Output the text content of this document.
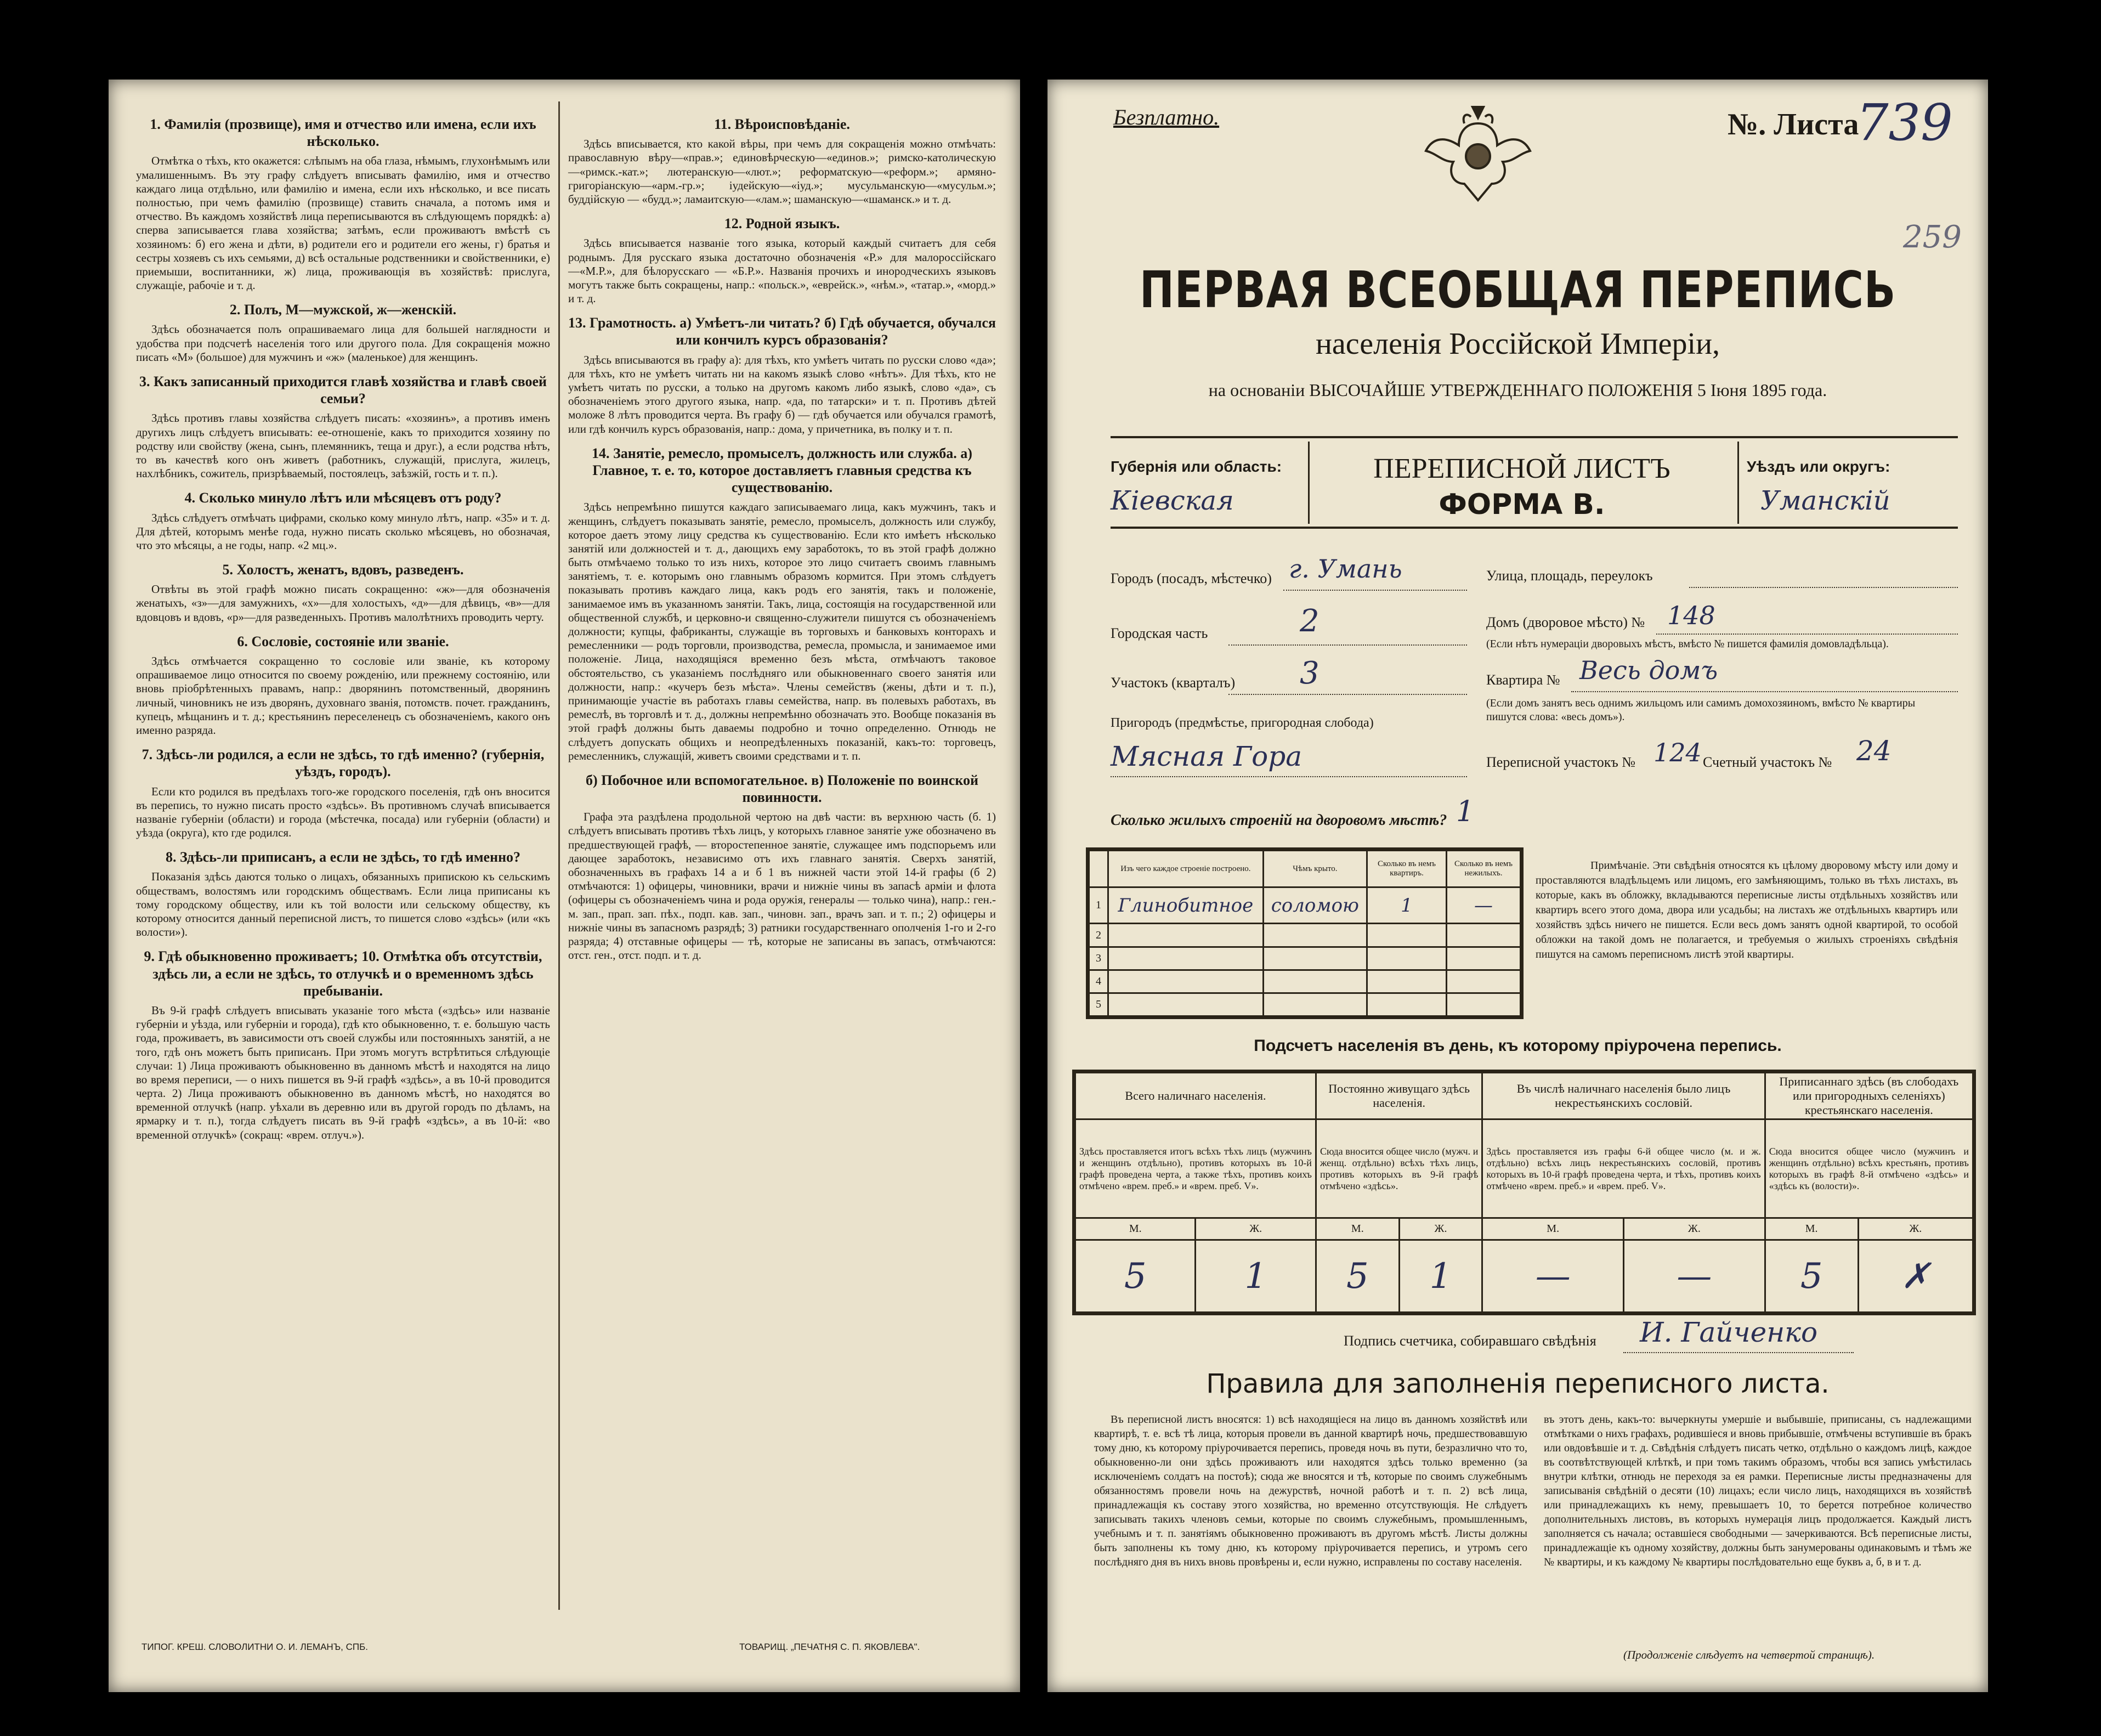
1. Фамилія (прозвище), имя и отчество или имена, если ихъ нѣсколько.

Отмѣтка о тѣхъ, кто окажется: слѣпымъ на оба глаза, нѣмымъ, глухонѣмымъ или умалишеннымъ. Въ эту графу слѣдуетъ вписывать фамилію, имя и отчество каждаго лица отдѣльно, или фамилію и имена, если ихъ нѣсколько, и все писать полностью, при чемъ фамилію (прозвище) ставить сначала, а потомъ имя и отчество. Въ каждомъ хозяйствѣ лица переписываются въ слѣдующемъ порядкѣ: а) сперва записывается глава хозяйства; затѣмъ, если проживаютъ вмѣстѣ съ хозяиномъ: б) его жена и дѣти, в) родители его и родители его жены, г) братья и сестры хозяевъ съ ихъ семьями, д) всѣ остальные родственники и свойственники, е) приемыши, воспитанники, ж) лица, проживающія въ хозяйствѣ: прислуга, служащіе, рабочіе и т. д.

2. Полъ, М—мужской, ж—женскій.

Здѣсь обозначается полъ опрашиваемаго лица для большей наглядности и удобства при подсчетѣ населенія того или другого пола. Для сокращенія можно писать «М» (большое) для мужчинъ и «ж» (маленькое) для женщинъ.

3. Какъ записанный приходится главѣ хозяйства и главѣ своей семьи?

Здѣсь противъ главы хозяйства слѣдуетъ писать: «хозяинъ», а противъ именъ другихъ лицъ слѣдуетъ вписывать: ее-отношеніе, какъ то приходится хозяину по родству или свойству (жена, сынъ, племянникъ, теща и друг.), а если родства нѣтъ, то въ качествѣ кого онъ живетъ (работникъ, служащій, прислуга, жилецъ, нахлѣбникъ, сожитель, призрѣваемый, постоялецъ, заѣзжій, гость и т. п.).

4. Сколько минуло лѣтъ или мѣсяцевъ отъ роду?

Здѣсь слѣдуетъ отмѣчать цифрами, сколько кому минуло лѣтъ, напр. «35» и т. д. Для дѣтей, которымъ менѣе года, нужно писать сколько мѣсяцевъ, но обозначая, что это мѣсяцы, а не годы, напр. «2 мц.».

5. Холостъ, женатъ, вдовъ, разведенъ.

Отвѣты въ этой графѣ можно писать сокращенно: «ж»—для обозначенія женатыхъ, «з»—для замужнихъ, «х»—для холостыхъ, «д»—для дѣвицъ, «в»—для вдовцовъ и вдовъ, «р»—для разведенныхъ. Противъ малолѣтнихъ проводить черту.

6. Сословіе, состояніе или званіе.

Здѣсь отмѣчается сокращенно то сословіе или званіе, къ которому опрашиваемое лицо относится по своему рожденію, или прежнему состоянію, или вновь пріобрѣтенныхъ правамъ, напр.: дворянинъ потомственный, дворянинъ личный, чиновникъ не изъ дворянъ, духовнаго званія, потомств. почет. гражданинъ, купецъ, мѣщанинъ и т. д.; крестьянинъ переселенецъ съ обозначеніемъ, какого онъ именно разряда.

7. Здѣсь-ли родился, а если не здѣсь, то гдѣ именно? (губернія, уѣздъ, городъ).

Если кто родился въ предѣлахъ того-же городского поселенія, гдѣ онъ вносится въ перепись, то нужно писать просто «здѣсь». Въ противномъ случаѣ вписывается названіе губерніи (области) и города (мѣстечка, посада) или губерніи (области) и уѣзда (округа), кто где родился.

8. Здѣсь-ли приписанъ, а если не здѣсь, то гдѣ именно?

Показанія здѣсь даются только о лицахъ, обязанныхъ припискою къ сельскимъ обществамъ, волостямъ или городскимъ обществамъ. Если лица приписаны къ тому городскому обществу, или къ той волости или сельскому обществу, къ которому относится данный переписной листъ, то пишется слово «здѣсь» (или «къ волости»).

9. Гдѣ обыкновенно проживаетъ; 10. Отмѣтка объ отсутствіи, здѣсь ли, а если не здѣсь, то отлучкѣ и о временномъ здѣсь пребываніи.

Въ 9-й графѣ слѣдуетъ вписывать указаніе того мѣста («здѣсь» или названіе губерніи и уѣзда, или губерніи и города), гдѣ кто обыкновенно, т. е. большую часть года, проживаетъ, въ зависимости отъ своей службы или постоянныхъ занятій, а не того, гдѣ онъ можетъ быть приписанъ. При этомъ могутъ встрѣтиться слѣдующіе случаи: 1) Лица проживаютъ обыкновенно въ данномъ мѣстѣ и находятся на лицо во время переписи, — о нихъ пишется въ 9-й графѣ «здѣсь», а въ 10-й проводится черта. 2) Лица проживаютъ обыкновенно въ данномъ мѣстѣ, но находятся во временной отлучкѣ (напр. уѣхали въ деревню или въ другой городъ по дѣламъ, на ярмарку и т. п.), тогда слѣдуетъ писать въ 9-й графѣ «здѣсь», а въ 10-й: «во временной отлучкѣ» (сокращ: «врем. отлуч.»).

11. Вѣроисповѣданіе.

Здѣсь вписывается, кто какой вѣры, при чемъ для сокращенія можно отмѣчать: православную вѣру—«прав.»; единовѣрческую—«единов.»; римско-католическую—«римск.-кат.»; лютеранскую—«лют.»; реформатскую—«реформ.»; армяно-григоріанскую—«арм.-гр.»; іудейскую—«іуд.»; мусульманскую—«мусульм.»; буддійскую — «будд.»; ламаитскую—«лам.»; шаманскую—«шаманск.» и т. д.

12. Родной языкъ.

Здѣсь вписывается названіе того языка, который каждый считаетъ для себя роднымъ. Для русскаго языка достаточно обозначенія «Р.» для малороссійскаго—«М.Р.», для бѣлорусскаго — «Б.Р.». Названія прочихъ и инородческихъ языковъ могутъ также быть сокращены, напр.: «польск.», «еврейск.», «нѣм.», «татар.», «морд.» и т. д.

13. Грамотность. а) Умѣетъ-ли читать? б) Гдѣ обучается, обучался или кончилъ курсъ образованія?

Здѣсь вписываются въ графу а): для тѣхъ, кто умѣетъ читать по русски слово «да»; для тѣхъ, кто не умѣетъ читать ни на какомъ языкѣ слово «нѣтъ». Для тѣхъ, кто не умѣетъ читать по русски, а только на другомъ какомъ либо языкѣ, слово «да», съ обозначеніемъ этого другого языка, напр. «да, по татарски» и т. п. Противъ дѣтей моложе 8 лѣтъ проводится черта. Въ графу б) — гдѣ обучается или обучался грамотѣ, или гдѣ кончилъ курсъ образованія, напр.: дома, у причетника, въ полку и т. п.

14. Занятіе, ремесло, промыселъ, должность или служба. а) Главное, т. е. то, которое доставляетъ главныя средства къ существованію.

Здѣсь непремѣнно пишутся каждаго записываемаго лица, какъ мужчинъ, такъ и женщинъ, слѣдуетъ показывать занятіе, ремесло, промыселъ, должность или службу, которое даетъ этому лицу средства къ существованію. Если кто имѣетъ нѣсколько занятій или должностей и т. д., дающихъ ему заработокъ, то въ этой графѣ должно быть отмѣчаемо только то изъ нихъ, которое это лицо считаетъ своимъ главнымъ занятіемъ, т. е. которымъ оно главнымъ образомъ кормится. При этомъ слѣдуетъ показывать противъ каждаго лица, какъ родъ его занятія, такъ и положеніе, занимаемое имъ въ указанномъ занятіи. Такъ, лица, состоящія на государственной или общественной службѣ, и церковно-и священно-служители пишутся съ обозначеніемъ должности; купцы, фабриканты, служащіе въ торговыхъ и банковыхъ конторахъ и ремесленники — родъ торговли, производства, ремесла, промысла, и занимаемое ими положеніе. Лица, находящіяся временно безъ мѣста, отмѣчаютъ таковое обстоятельство, съ указаніемъ послѣдняго или обыкновеннаго своего занятія или должности, напр.: «кучеръ безъ мѣста». Члены семействъ (жены, дѣти и т. п.), принимающіе участіе въ работахъ главы семейства, напр. въ полевыхъ работахъ, въ ремеслѣ, въ торговлѣ и т. д., должны непремѣнно обозначать это. Вообще показанія въ этой графѣ должны быть даваемы подробно и точно определенно. Отнюдь не слѣдуетъ допускать общихъ и неопредѣленныхъ показаній, какъ-то: торговецъ, ремесленникъ, служащій, живетъ своими средствами и т. п.

б) Побочное или вспомогательное. в) Положеніе по воинской повинности.

Графа эта раздѣлена продольной чертою на двѣ части: въ верхнюю часть (б. 1) слѣдуетъ вписывать противъ тѣхъ лицъ, у которыхъ главное занятіе уже обозначено въ предшествующей графѣ, — второстепенное занятіе, служащее имъ подспорьемъ или дающее заработокъ, независимо отъ ихъ главнаго занятія. Сверхъ занятій, обозначенныхъ въ графахъ 14 а и б 1 въ нижней части этой 14-й графы (б 2) отмѣчаются: 1) офицеры, чиновники, врачи и нижніе чины въ запасѣ арміи и флота (офицеры съ обозначеніемъ чина и рода оружія, генералы — только чина), напр.: ген.-м. зап., прап. зап. пѣх., подп. кав. зап., чиновн. зап., врачъ зап. и т. п.; 2) офицеры и нижніе чины въ запасномъ разрядѣ; 3) ратники государственнаго ополченія 1-го и 2-го разряда; 4) отставные офицеры — тѣ, которые не записаны въ запасъ, отмѣчаются: отст. ген., отст. подп. и т. д.

ТИПОГ. КРЕШ. СЛОВОЛИТНИ О. И. ЛЕМАНЪ, СПБ.	ТОВАРИЩ. „ПЕЧАТНЯ С. П. ЯКОВЛЕВА".
Безплатно.	№. Листа
739
259
ПЕРВАЯ ВСЕОБЩАЯ ПЕРЕПИСЬ
населенія Россійской Имперіи,
на основаніи ВЫСОЧАЙШЕ УТВЕРЖДЕННАГО ПОЛОЖЕНІЯ 5 Іюня 1895 года.
Губернія или область:
Кіевская
ПЕРЕПИСНОЙ ЛИСТЪ
ФОРМА В.
Уѣздъ или округъ:
Уманскій
Городъ (посадъ, мѣстечко) г. Умань	Улица, площадь, переулокъ
Городская часть	2	Домъ (дворовое мѣсто) № 148
(Если нѣтъ нумераціи дворовыхъ мѣстъ, вмѣсто № пишется фамилія домовладѣльца).
Участокъ (кварталъ) 3	Квартира № Весь домъ
(Если домъ занятъ весь однимъ жильцомъ или самимъ домохозяиномъ, вмѣсто № квартиры пишутся слова: «весь домъ»).
Пригородъ (предмѣстье, пригородная слобода)
Мясная Гора	Переписной участокъ № 124 Счетный участокъ № 24
Сколько жилыхъ строеній на дворовомъ мѣстѣ? 1
	Изъ чего каждое строеніе построено.	Чѣмъ крыто.	Сколько въ немъ квартиръ.	Сколько въ немъ нежилыхъ.
1	Глинобитное	соломою	1	—
2				
3				
4				
5				
Примѣчаніе. Эти свѣдѣнія относятся къ цѣлому дворовому мѣсту или дому и проставляются владѣльцемъ или лицомъ, его замѣняющимъ, только въ тѣхъ листахъ, въ которые, какъ въ обложку, вкладываются переписные листы отдѣльныхъ хозяйствъ или квартиръ всего этого дома, двора или усадьбы; на листахъ же отдѣльныхъ квартиръ или хозяйствъ здѣсь ничего не пишется. Если весь домъ занятъ одной квартирой, то особой обложки на такой домъ не полагается, и требуемыя о жилыхъ строеніяхъ свѣдѣнія пишутся на самомъ переписномъ листѣ этой квартиры.
Подсчетъ населенія въ день, къ которому пріурочена перепись.
Всего наличнаго населенія.		Постоянно живущаго здѣсь населенія.		Въ числѣ наличнаго населенія было лицъ некрестьянскихъ сословій.		Приписаннаго здѣсь (въ слободахъ или пригородныхъ селеніяхъ) крестьянскаго населенія.	
Здѣсь проставляется итогъ всѣхъ тѣхъ лицъ (мужчинъ и женщинъ отдѣльно), противъ которыхъ въ 10-й графѣ проведена черта, а также тѣхъ, противъ коихъ отмѣчено «врем. преб.» и «врем. преб. V».		Сюда вносится общее число (мужч. и женщ. отдѣльно) всѣхъ тѣхъ лицъ, противъ которыхъ въ 9-й графѣ отмѣчено «здѣсь».		Здѣсь проставляется изъ графы 6-й общее число (м. и ж. отдѣльно) всѣхъ лицъ некрестьянскихъ сословій, противъ которыхъ въ 10-й графѣ проведена черта, и тѣхъ, противъ коихъ отмѣчено «врем. преб.» и «врем. преб. V».		Сюда вносится общее число (мужчинъ и женщинъ отдѣльно) всѣхъ крестьянъ, противъ которыхъ въ графѣ 8-й отмѣчено «здѣсь» и «здѣсь къ (волости)».	
М.	Ж.	М.	Ж.	М.	Ж.	М.	Ж.
5	1	5	1	—	—	5	✗
Подпись счетчика, собиравшаго свѣдѣнія И. Гайченко
Правила для заполненія переписного листа.
Въ переписной листъ вносятся: 1) всѣ находящіеся на лицо въ данномъ хозяйствѣ или квартирѣ, т. е. всѣ тѣ лица, которыя провели въ данной квартирѣ ночь, предшествовавшую тому дню, къ которому пріурочивается перепись, проведя ночь въ пути, безразлично что то, обыкновенно-ли они здѣсь проживаютъ или находятся здѣсь только временно (за исключеніемъ солдатъ на постоѣ); сюда же вносятся и тѣ, которые по своимъ служебнымъ обязанностямъ провели ночь на дежурствѣ, ночной работѣ и т. п. 2) всѣ лица, принадлежащія къ составу этого хозяйства, но временно отсутствующія. Не слѣдуетъ записывать такихъ членовъ семьи, которые по своимъ служебнымъ, промышленнымъ, учебнымъ и т. п. занятіямъ обыкновенно проживаютъ въ другомъ мѣстѣ. Листы должны быть заполнены къ тому дню, къ которому пріурочивается перепись, и утромъ сего послѣдняго дня въ нихъ вновь провѣрены и, если нужно, исправлены по составу населенія.
въ этотъ день, какъ-то: вычеркнуты умершіе и выбывшіе, приписаны, съ надлежащими отмѣтками о нихъ графахъ, родившіеся и вновь прибывшіе, отмѣчены вступившіе въ бракъ или овдовѣвшіе и т. д. Свѣдѣнія слѣдуетъ писать четко, отдѣльно о каждомъ лицѣ, каждое въ соотвѣтствующей клѣткѣ, и при томъ такимъ образомъ, чтобы вся запись умѣстилась внутри клѣтки, отнюдь не переходя за ея рамки. Переписные листы предназначены для записыванія свѣдѣній о десяти (10) лицахъ; если число лицъ, находящихся въ хозяйствѣ или принадлежащихъ къ нему, превышаетъ 10, то берется потребное количество дополнительныхъ листовъ, въ которыхъ нумерація лицъ продолжается. Каждый листъ заполняется съ начала; оставшіеся свободными — зачеркиваются. Всѣ переписные листы, принадлежащіе къ одному хозяйству, должны быть занумерованы одинаковымъ и тѣмъ же № квартиры, и къ каждому № квартиры послѣдовательно еще буквъ а, б, в и т. д.
(Продолженіе слѣдуетъ на четвертой страницѣ).
